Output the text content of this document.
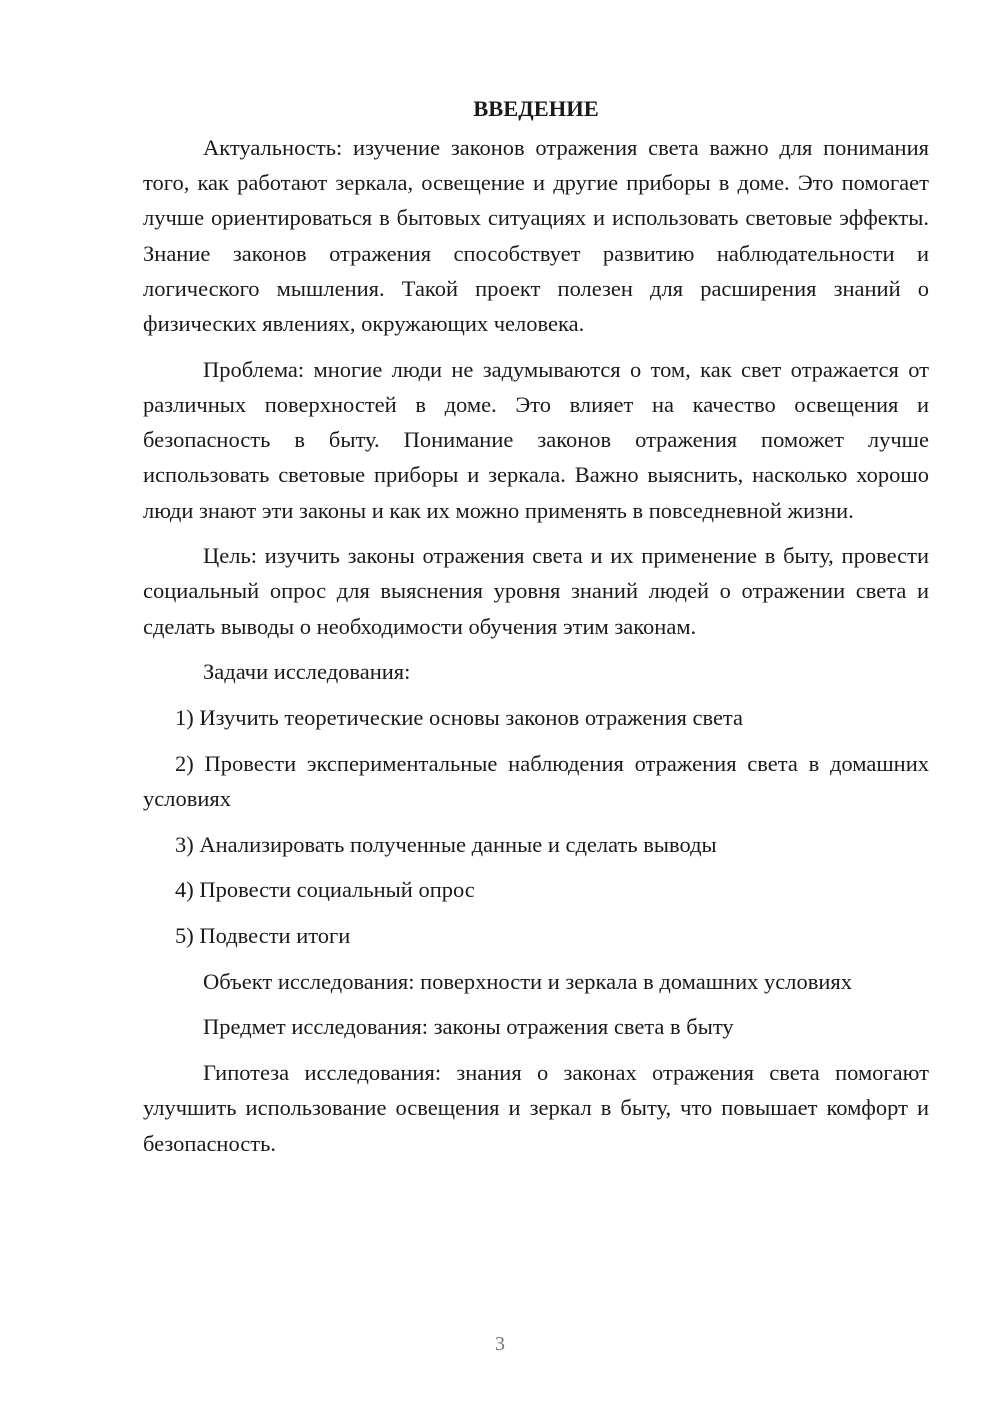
ВВЕДЕНИЕ

Актуальность: изучение законов отражения света важно для понимания того, как работают зеркала, освещение и другие приборы в доме. Это помогает лучше ориентироваться в бытовых ситуациях и использовать световые эффекты. Знание законов отражения способствует развитию наблюдательности и логического мышления. Такой проект полезен для расширения знаний о физических явлениях, окружающих человека.

Проблема: многие люди не задумываются о том, как свет отражается от различных поверхностей в доме. Это влияет на качество освещения и безопасность в быту. Понимание законов отражения поможет лучше использовать световые приборы и зеркала. Важно выяснить, насколько хорошо люди знают эти законы и как их можно применять в повседневной жизни.

Цель: изучить законы отражения света и их применение в быту, провести социальный опрос для выяснения уровня знаний людей о отражении света и сделать выводы о необходимости обучения этим законам.

Задачи исследования:

1) Изучить теоретические основы законов отражения света

2) Провести экспериментальные наблюдения отражения света в домашних условиях

3) Анализировать полученные данные и сделать выводы

4) Провести социальный опрос

5) Подвести итоги

Объект исследования: поверхности и зеркала в домашних условиях

Предмет исследования: законы отражения света в быту

Гипотеза исследования: знания о законах отражения света помогают улучшить использование освещения и зеркал в быту, что повышает комфорт и безопасность.

3
